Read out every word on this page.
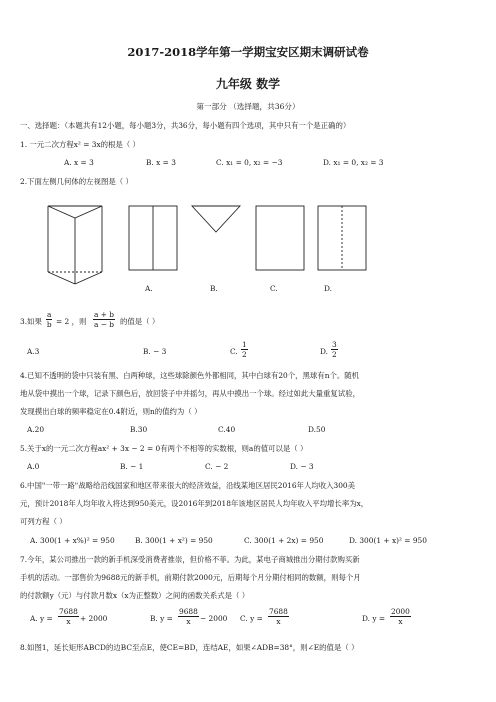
2017-2018学年第一学期宝安区期末调研试卷
九年级 数学
第一部分 （选择题，共36分）
一、选择题：（本题共有12小题，每小题3分，共36分，每小题有四个选项，其中只有一个是正确的）
1. 一元二次方程x² = 3x的根是（ ）
A. x = 3	B. x = 3	C. x₁ = 0, x₂ = −3	D. x₁ = 0, x₂ = 3
2.下面左侧几何体的左视图是（ ）
A.	B.	C.	D.
3.如果 $\frac{a}{b} = 2$ ，则 $\frac{a + b}{a - b}$ 的值是（ ）
A.3	B. − 3	C. $\frac{1}{2}$	D. $\frac{3}{2}$
4.已知不透明的袋中只装有黑、白两种球，这些球除颜色外都相同，其中白球有20个，黑球有n个。随机
地从袋中摸出一个球，记录下颜色后，放回袋子中并摇匀，再从中摸出一个球。经过如此大量重复试验，
发现摸出白球的频率稳定在0.4附近，则n的值约为（ ）
A.20	B.30	C.40	D.50
5.关于x的一元二次方程ax² + 3x − 2 = 0有两个不相等的实数根，则a的值可以是（ ）
A.0	B. − 1	C. − 2	D. − 3
6.中国"一带一路"战略给沿线国家和地区带来很大的经济效益，沿线某地区居民2016年人均收入300美
元，预计2018年人均年收入将达到950美元，设2016年到2018年该地区居民人均年收入平均增长率为x，
可列方程（ ）
A. 300(1 + x%)² = 950	B. 300(1 + x²) = 950	C. 300(1 + 2x) = 950	D. 300(1 + x)² = 950
7.今年，某公司推出一款的新手机深受消费者推崇，但价格不菲。为此，某电子商城推出分期付款购买新
手机的活动。一部售价为9688元的新手机，前期付款2000元，后期每个月分期付相同的数额，则每个月
的付款额y（元）与付款月数x（x为正整数）之间的函数关系式是（ ）
A. $y = \frac{7688}{x} + 2000$	B. $y = \frac{9688}{x} - 2000$ C. $y = \frac{7688}{x}$	D. $y = \frac{2000}{x}$
8.如图1，延长矩形ABCD的边BC至点E，使CE=BD，连结AE，如果∠ADB=38°，则∠E的值是（ ）
